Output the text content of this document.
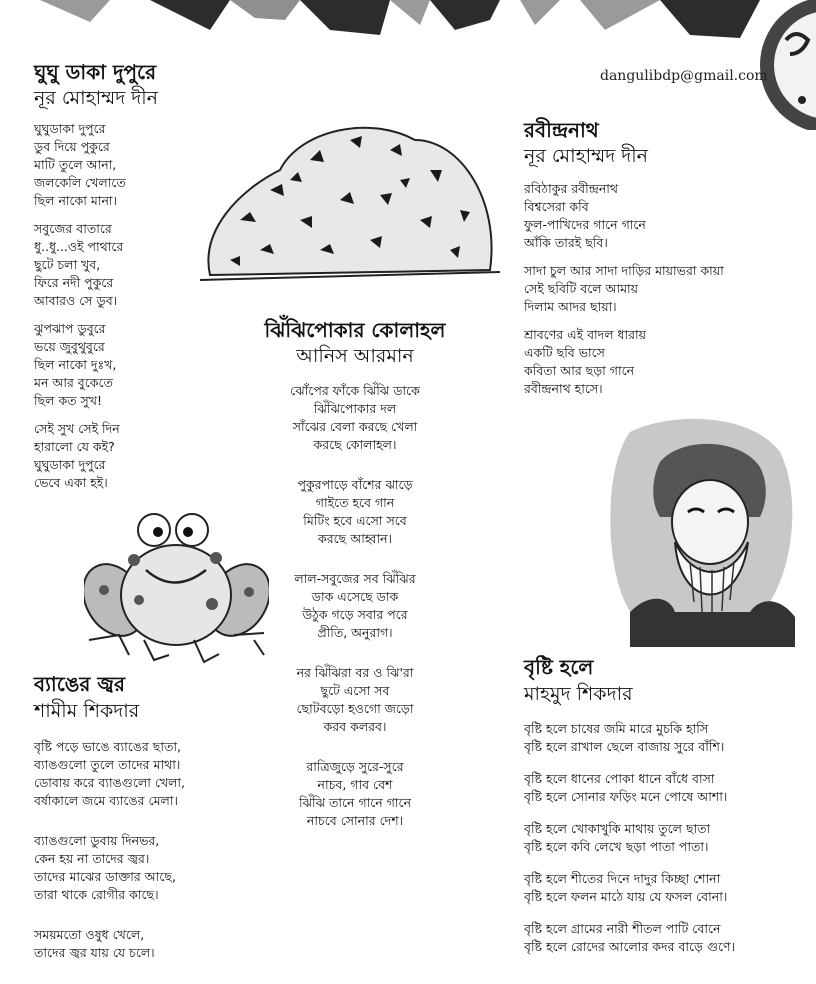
dangulibdp@gmail.com
ঘুঘু ডাকা দুপুরে
নূর মোহাম্মদ দীন
ঘুঘুডাকা দুপুরে
ডুব দিয়ে পুকুরে
মাটি তুলে আনা,
জলকেলি খেলাতে
ছিল নাকো মানা।
সবুজের বাতারে
ধু..ধু...ওই পাথারে
ছুটে চলা খুব,
ফিরে নদী পুকুরে
আবারও সে ডুব।
ঝুপঝাপ ডুবুরে
ভয়ে জুবুথুবুরে
ছিল নাকো দুঃখ,
মন আর বুকেতে
ছিল কত সুখ!
সেই সুখ সেই দিন
হারালো যে কই?
ঘুঘুডাকা দুপুরে
ভেবে একা হই।
ঝিঁঝিপোকার কোলাহল
আনিস আরমান
ঝোঁপের ফাঁকে ঝিঁঝি ডাকে
ঝিঁঝিপোকার দল
সাঁঝের বেলা করছে খেলা
করছে কোলাহল।
পুকুরপাড়ে বাঁশের ঝাড়ে
গাইতে হবে গান
মিটিং হবে এসো সবে
করছে আহ্বান।
লাল-সবুজের সব ঝিঁঝির
ডাক এসেছে ডাক
উঠুক গড়ে সবার পরে
প্রীতি, অনুরাগ।
নর ঝিঁঝিরা বর ও ঝি'রা
ছুটে এসো সব
ছোটবড়ো হওগো জড়ো
করব কলরব।
রাত্রিজুড়ে সুরে-সুরে
নাচব, গাব বেশ
ঝিঁঝি তানে গানে গানে
নাচবে সোনার দেশ।
রবীন্দ্রনাথ
নূর মোহাম্মদ দীন
রবিঠাকুর রবীন্দ্রনাথ
বিশ্বসেরা কবি
ফুল-পাখিদের গানে গানে
আঁকি তারই ছবি।
সাদা চুল আর সাদা দাড়ির মায়াভরা কায়া
সেই ছবিটি বলে আমায়
দিলাম আদর ছায়া।
শ্রাবণের এই বাদল ধারায়
একটি ছবি ভাসে
কবিতা আর ছড়া গানে
রবীন্দ্রনাথ হাসে।
ব্যাঙের জ্বর
শামীম শিকদার
বৃষ্টি পড়ে ভাঙে ব্যাঙের ছাতা,
ব্যাঙগুলো তুলে তাদের মাথা।
ডোবায় করে ব্যাঙগুলো খেলা,
বর্ষাকালে জমে ব্যাঙের মেলা।
ব্যাঙগুলো ডুবায় দিনভর,
কেন হয় না তাদের জ্বর।
তাদের মাঝের ডাক্তার আছে,
তারা থাকে রোগীর কাছে।
সময়মতো ওষুধ খেলে,
তাদের জ্বর যায় যে চলে।
বৃষ্টি হলে
মাহমুদ শিকদার
বৃষ্টি হলে চাষের জমি মারে মুচকি হাসি
বৃষ্টি হলে রাখাল ছেলে বাজায় সুরে বাঁশি।
বৃষ্টি হলে ধানের পোকা ধানে বাঁধে বাসা
বৃষ্টি হলে সোনার ফড়িং মনে পোষে আশা।
বৃষ্টি হলে খোকাখুকি মাথায় তুলে ছাতা
বৃষ্টি হলে কবি লেখে ছড়া পাতা পাতা।
বৃষ্টি হলে শীতের দিনে দাদুর কিচ্ছা শোনা
বৃষ্টি হলে ফলন মাঠে যায় যে ফসল বোনা।
বৃষ্টি হলে গ্রামের নারী শীতল পাটি বোনে
বৃষ্টি হলে রোদের আলোর কদর বাড়ে গুণে।
